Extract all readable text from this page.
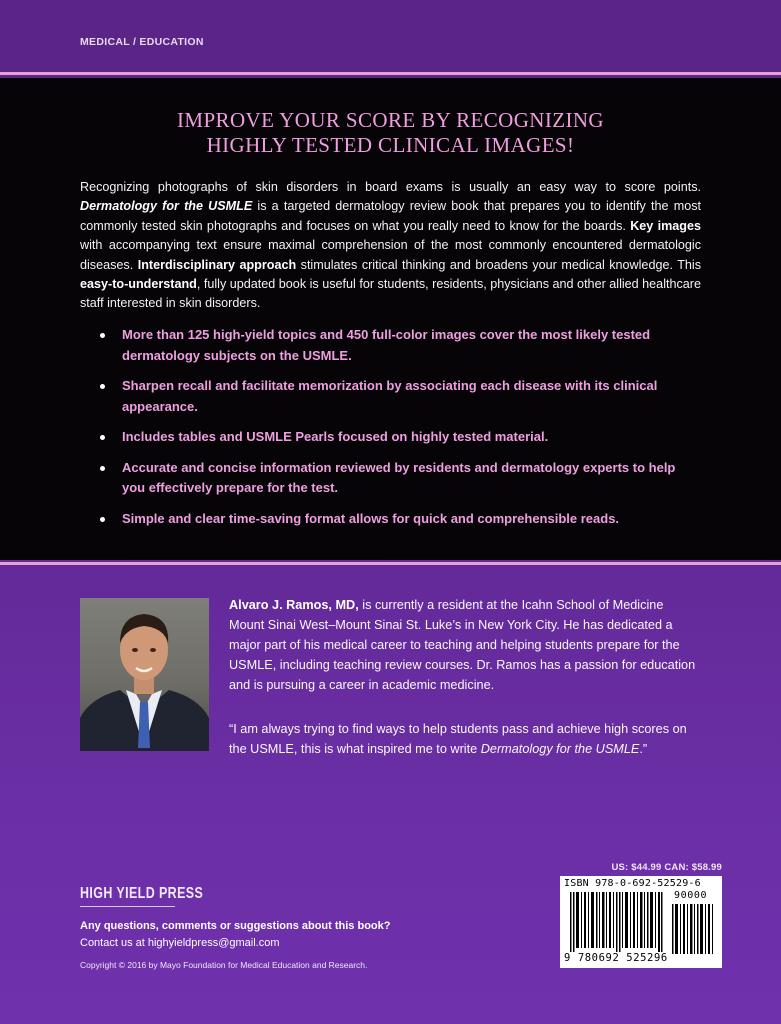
MEDICAL / EDUCATION
IMPROVE YOUR SCORE BY RECOGNIZING
HIGHLY TESTED CLINICAL IMAGES!
Recognizing photographs of skin disorders in board exams is usually an easy way to score points. Dermatology for the USMLE is a targeted dermatology review book that prepares you to identify the most commonly tested skin photographs and focuses on what you really need to know for the boards. Key images with accompanying text ensure maximal comprehension of the most commonly encountered dermatologic diseases. Interdisciplinary approach stimulates critical thinking and broadens your medical knowledge. This easy-to-understand, fully updated book is useful for students, residents, physicians and other allied healthcare staff interested in skin disorders.
More than 125 high-yield topics and 450 full-color images cover the most likely tested dermatology subjects on the USMLE.
Sharpen recall and facilitate memorization by associating each disease with its clinical appearance.
Includes tables and USMLE Pearls focused on highly tested material.
Accurate and concise information reviewed by residents and dermatology experts to help you effectively prepare for the test.
Simple and clear time-saving format allows for quick and comprehensible reads.
Alvaro J. Ramos, MD, is currently a resident at the Icahn School of Medicine Mount Sinai West–Mount Sinai St. Luke’s in New York City. He has dedicated a major part of his medical career to teaching and helping students prepare for the USMLE, including teaching review courses. Dr. Ramos has a passion for education and is pursuing a career in academic medicine.
“I am always trying to find ways to help students pass and achieve high scores on the USMLE, this is what inspired me to write Dermatology for the USMLE.”
HIGH YIELD PRESS
Any questions, comments or suggestions about this book?
Contact us at highyieldpress@gmail.com
Copyright © 2016 by Mayo Foundation for Medical Education and Research.
US: $44.99 CAN: $58.99
ISBN 978-0-692-52529-6
90000
9 780692 525296
